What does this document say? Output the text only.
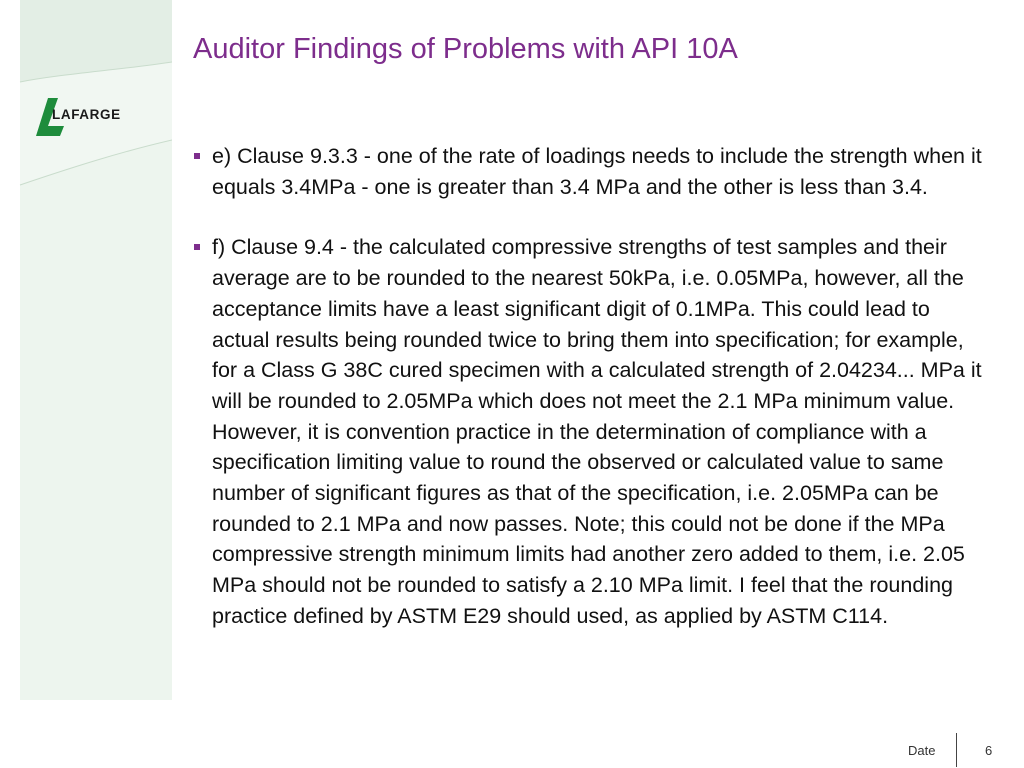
LAFARGE
Auditor Findings of Problems with API 10A
e) Clause 9.3.3 - one of the rate of loadings needs to include the strength when it equals 3.4MPa - one is greater than 3.4 MPa and the other is less than 3.4.
f) Clause 9.4 - the calculated compressive strengths of test samples and their average are to be rounded to the nearest 50kPa, i.e. 0.05MPa, however, all the acceptance limits have a least significant digit of 0.1MPa. This could lead to actual results being rounded twice to bring them into specification; for example, for a Class G 38C cured specimen with a calculated strength of 2.04234... MPa it will be rounded to 2.05MPa which does not meet the 2.1 MPa minimum value. However, it is convention practice in the determination of compliance with a specification limiting value to round the observed or calculated value to same number of significant figures as that of the specification, i.e. 2.05MPa can be rounded to 2.1 MPa and now passes. Note; this could not be done if the MPa compressive strength minimum limits had another zero added to them, i.e. 2.05 MPa should not be rounded to satisfy a 2.10 MPa limit. I feel that the rounding practice defined by ASTM E29 should used, as applied by ASTM C114.
Date	6
